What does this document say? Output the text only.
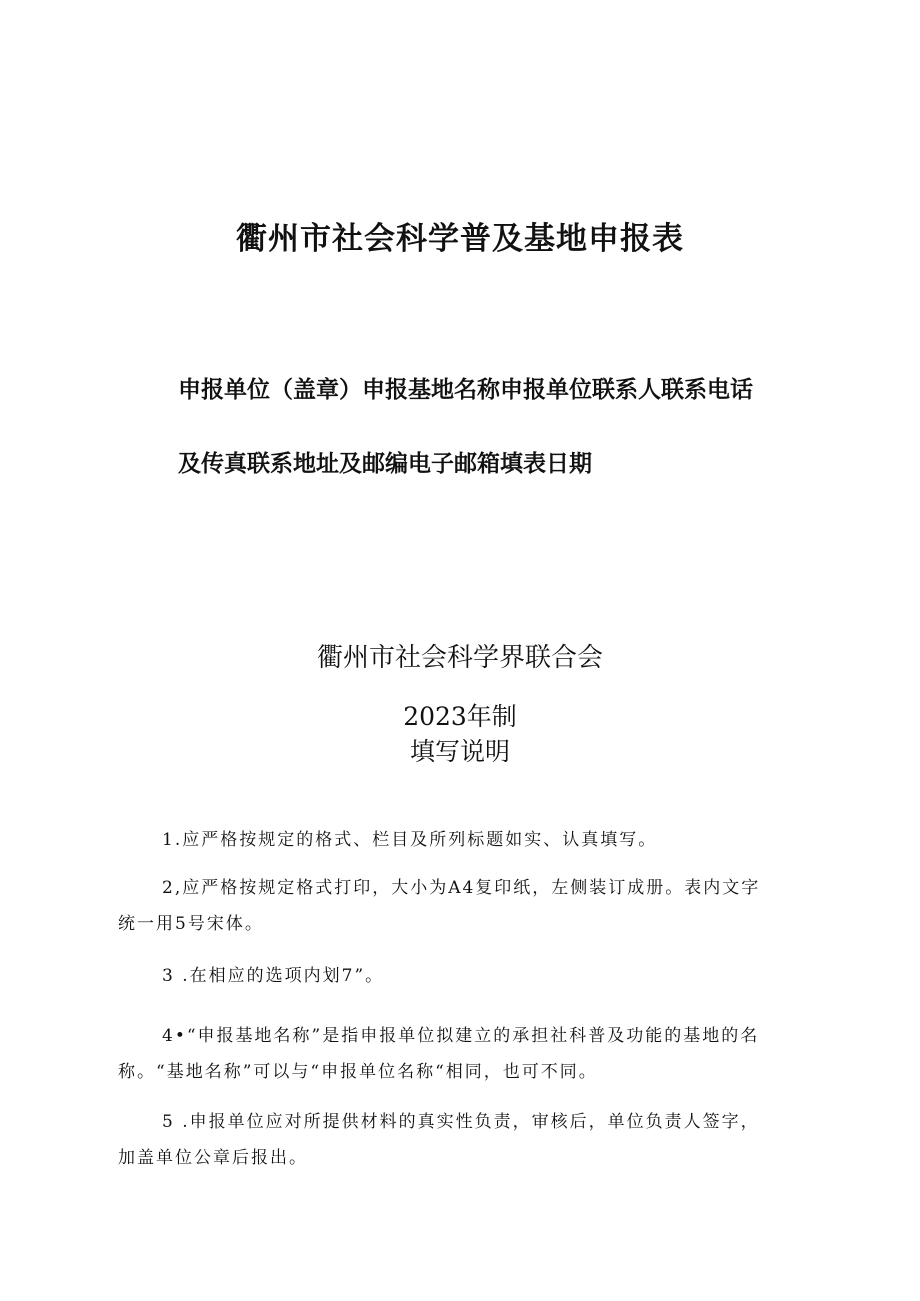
衢州市社会科学普及基地申报表
申报单位（盖章）申报基地名称申报单位联系人联系电话
及传真联系地址及邮编电子邮箱填表日期
衢州市社会科学界联合会
2023年制
填写说明
1.应严格按规定的格式、栏目及所列标题如实、认真填写。
2,应严格按规定格式打印，大小为A4复印纸，左侧装订成册。表内文字
统一用5号宋体。
3 .在相应的选项内划7”。
4•“申报基地名称”是指申报单位拟建立的承担社科普及功能的基地的名
称。“基地名称”可以与“申报单位名称“相同，也可不同。
5 .申报单位应对所提供材料的真实性负责，审核后，单位负责人签字，
加盖单位公章后报出。
